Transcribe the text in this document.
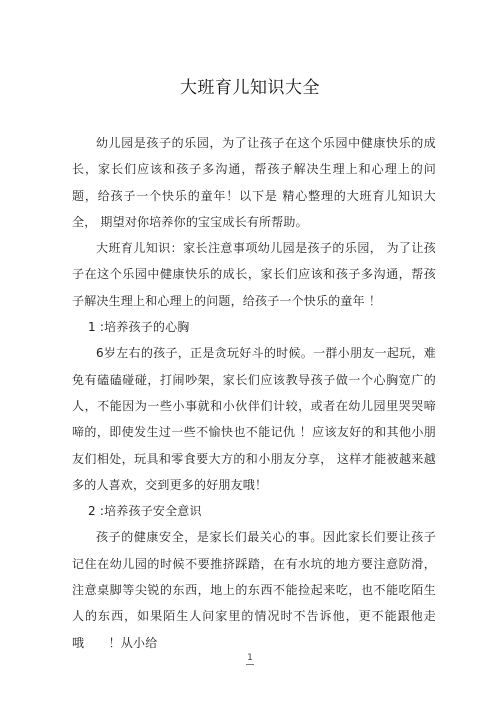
大班育儿知识大全

幼儿园是孩子的乐园，为了让孩子在这个乐园中健康快乐的成长，家长们应该和孩子多沟通，帮孩子解决生理上和心理上的问题，给孩子一个快乐的童年！以下是 精心整理的大班育儿知识大全， 期望对你培养你的宝宝成长有所帮助。

大班育儿知识：家长注意事项幼儿园是孩子的乐园， 为了让孩子在这个乐园中健康快乐的成长，家长们应该和孩子多沟通，帮孩子解决生理上和心理上的问题，给孩子一个快乐的童年 ！

1 :培养孩子的心胸

6岁左右的孩子，正是贪玩好斗的时候。一群小朋友一起玩，难免有磕磕碰碰，打闹吵架，家长们应该教导孩子做一个心胸宽广的人，不能因为一些小事就和小伙伴们计较，或者在幼儿园里哭哭啼啼的，即使发生过一些不愉快也不能记仇 ！应该友好的和其他小朋友们相处，玩具和零食要大方的和小朋友分享， 这样才能被越来越多的人喜欢，交到更多的好朋友哦！

2 :培养孩子安全意识

孩子的健康安全，是家长们最关心的事。因此家长们要让孩子记住在幼儿园的时候不要推挤踩踏，在有水坑的地方要注意防滑，注意桌脚等尖锐的东西，地上的东西不能捡起来吃，也不能吃陌生人的东西，如果陌生人问家里的情况时不告诉他，更不能跟他走哦　　！从小给

1
